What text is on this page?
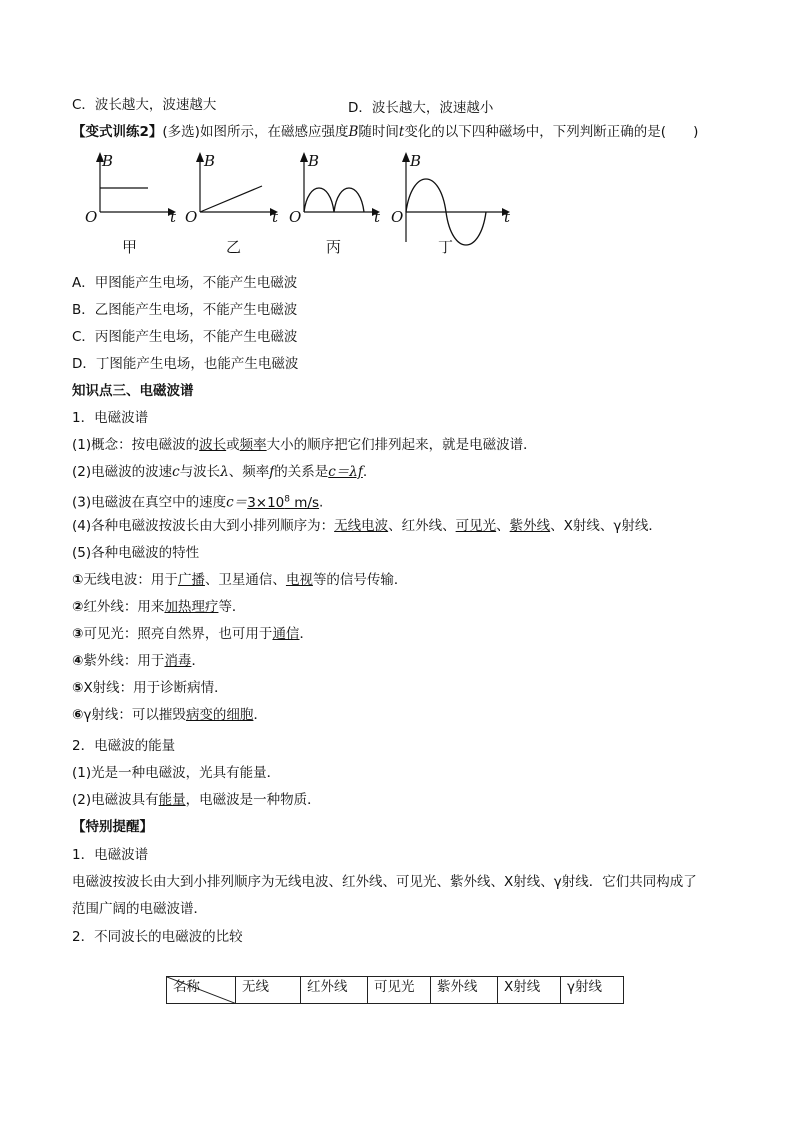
C．波长越大，波速越大	D．波长越大，波速越小
【变式训练2】(多选)如图所示，在磁感应强度B随时间t变化的以下四种磁场中，下列判断正确的是(　　)
B
O	t
B
O	t
B
O	t
B
O	t
甲	乙	丙	丁
A．甲图能产生电场，不能产生电磁波
B．乙图能产生电场，不能产生电磁波
C．丙图能产生电场，不能产生电磁波
D．丁图能产生电场，也能产生电磁波
知识点三、电磁波谱
1．电磁波谱
(1)概念：按电磁波的波长或频率大小的顺序把它们排列起来，就是电磁波谱．
(2)电磁波的波速c与波长λ、频率f的关系是c＝λf.
(3)电磁波在真空中的速度$c=3\times 10^8$ m/s.
(4)各种电磁波按波长由大到小排列顺序为：无线电波、红外线、可见光、紫外线、X射线、γ射线．
(5)各种电磁波的特性
①无线电波：用于广播、卫星通信、电视等的信号传输．
②红外线：用来加热理疗等．
③可见光：照亮自然界，也可用于通信．
④紫外线：用于消毒．
⑤X射线：用于诊断病情．
⑥γ射线：可以摧毁病变的细胞．
2．电磁波的能量
(1)光是一种电磁波，光具有能量．
(2)电磁波具有能量，电磁波是一种物质．
【特别提醒】
1．电磁波谱
电磁波按波长由大到小排列顺序为无线电波、红外线、可见光、紫外线、X射线、γ射线．它们共同构成了
范围广阔的电磁波谱．
2．不同波长的电磁波的比较
名称	无线	红外线	可见光	紫外线	X射线	γ射线
